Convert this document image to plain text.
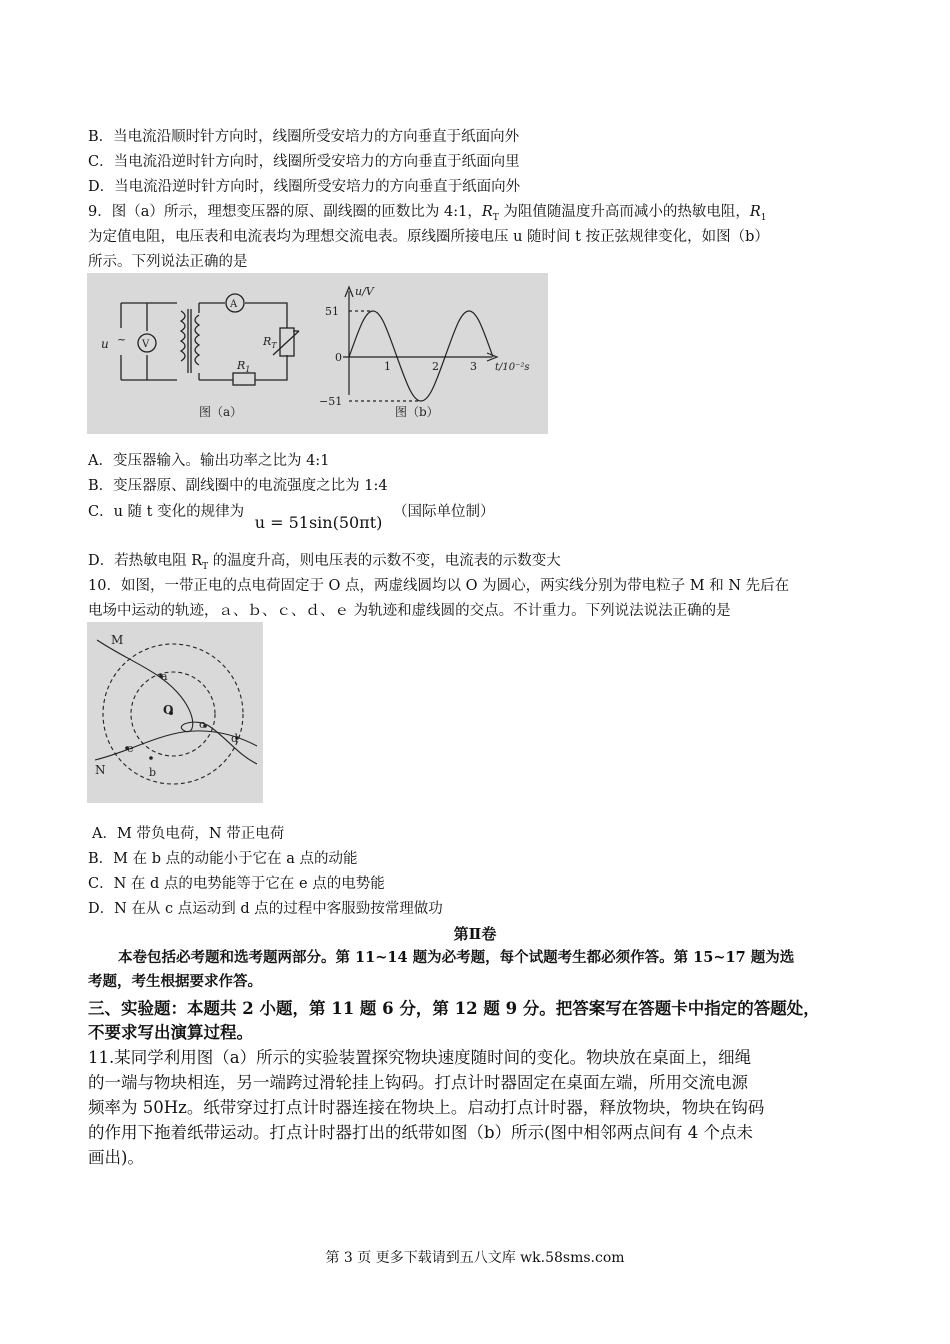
B．当电流沿顺时针方向时，线圈所受安培力的方向垂直于纸面向外
C．当电流沿逆时针方向时，线圈所受安培力的方向垂直于纸面向里
D．当电流沿逆时针方向时，线圈所受安培力的方向垂直于纸面向外
9．图（a）所示，理想变压器的原、副线圈的匝数比为 4:1，$R_T$ 为阻值随温度升高而减小的热敏电阻，$R_1$
为定值电阻，电压表和电流表均为理想交流电表。原线圈所接电压 u 随时间 t 按正弦规律变化，如图（b）
所示。下列说法正确的是
u ~ V
A
$R_T$
$R_1$
图（a）
u/V
51
−51
0
1	2	3 t/10⁻²s
图（b）
A．变压器输入。输出功率之比为 4:1
B．变压器原、副线圈中的电流强度之比为 1:4
C．u 随 t 变化的规律为 u = 51sin(50πt) （国际单位制）
D．若热敏电阻 $R_T$ 的温度升高，则电压表的示数不变，电流表的示数变大
10．如图，一带正电的点电荷固定于 O 点，两虚线圆均以 O 为圆心，两实线分别为带电粒子 M 和 N 先后在
电场中运动的轨迹，ａ、ｂ、ｃ、ｄ、ｅ 为轨迹和虚线圆的交点。不计重力。下列说法说法正确的是
M
N
O
a
b
c
d
e
A．M 带负电荷，N 带正电荷
B．M 在 b 点的动能小于它在 a 点的动能
C．N 在 d 点的电势能等于它在 e 点的电势能
D．N 在从 c 点运动到 d 点的过程中客服勁按常理做功
第Ⅱ卷
本卷包括必考题和选考题两部分。第 11~14 题为必考题，每个试题考生都必须作答。第 15~17 题为选
考题，考生根据要求作答。
三、实验题：本题共 2 小题，第 11 题 6 分，第 12 题 9 分。把答案写在答题卡中指定的答题处，
不要求写出演算过程。
11.某同学利用图（a）所示的实验装置探究物块速度随时间的变化。物块放在桌面上，细绳
的一端与物块相连，另一端跨过滑轮挂上钩码。打点计时器固定在桌面左端，所用交流电源
频率为 50Hz。纸带穿过打点计时器连接在物块上。启动打点计时器，释放物块，物块在钩码
的作用下拖着纸带运动。打点计时器打出的纸带如图（b）所示(图中相邻两点间有 4 个点未
画出)。
第 3 页 更多下载请到五八文库 wk.58sms.com
